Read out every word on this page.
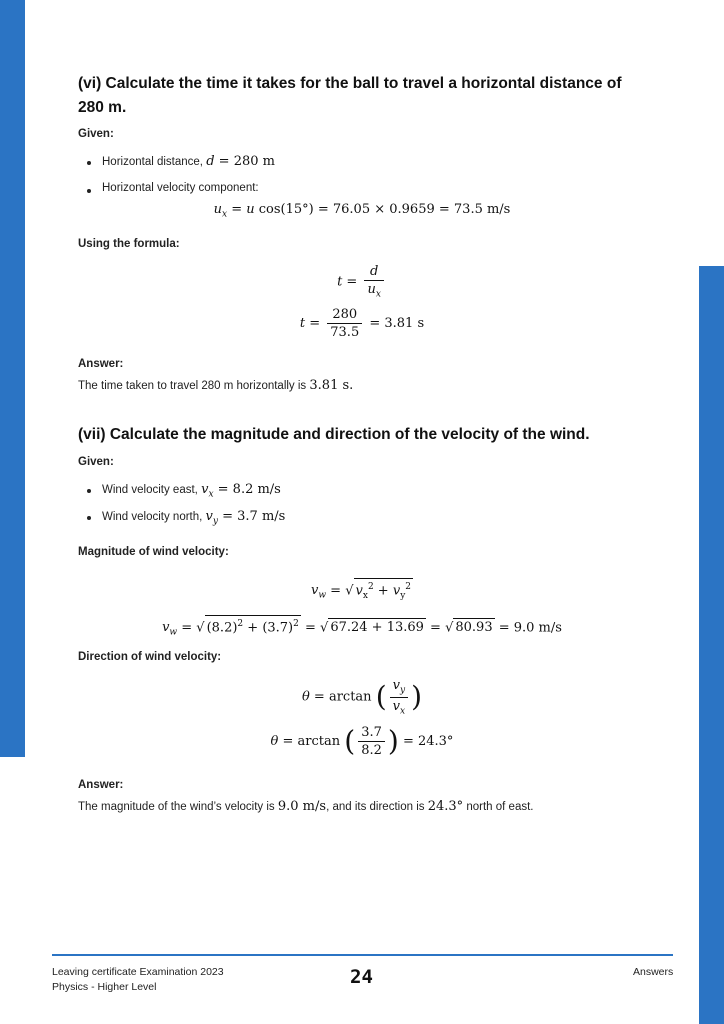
(vi) Calculate the time it takes for the ball to travel a horizontal distance of
280 m.
Given:
Horizontal distance, d = 280 m
Horizontal velocity component:
$u_x = u$ cos(15°) = 76.05 × 0.9659 = 73.5 m/s
Using the formula:
$t = \frac{d}{u_x}$
$t = \frac{280}{73.5} = 3.81$ s
Answer:
The time taken to travel 280 m horizontally is 3.81 s.
(vii) Calculate the magnitude and direction of the velocity of the wind.
Given:
Wind velocity east, $v_x = 8.2$ m/s
Wind velocity north, $v_y = 3.7$ m/s
Magnitude of wind velocity:
$v_w$ = √ $v_x^2 + v_y^2$
$v_w$ = √ $(8.2)^2 + (3.7)^2$ = √ 67.24 + 13.69 = √ 80.93 = 9.0 m/s
Direction of wind velocity:
θ = arctan ( $\frac{v_y}{v_x}$ )
θ = arctan ( $\frac{3.7}{8.2}$ ) = 24.3°
Answer:
The magnitude of the wind’s velocity is 9.0 m/s, and its direction is 24.3° north of east.
Leaving certificate Examination 2023
Physics - Higher Level	24	Answers
